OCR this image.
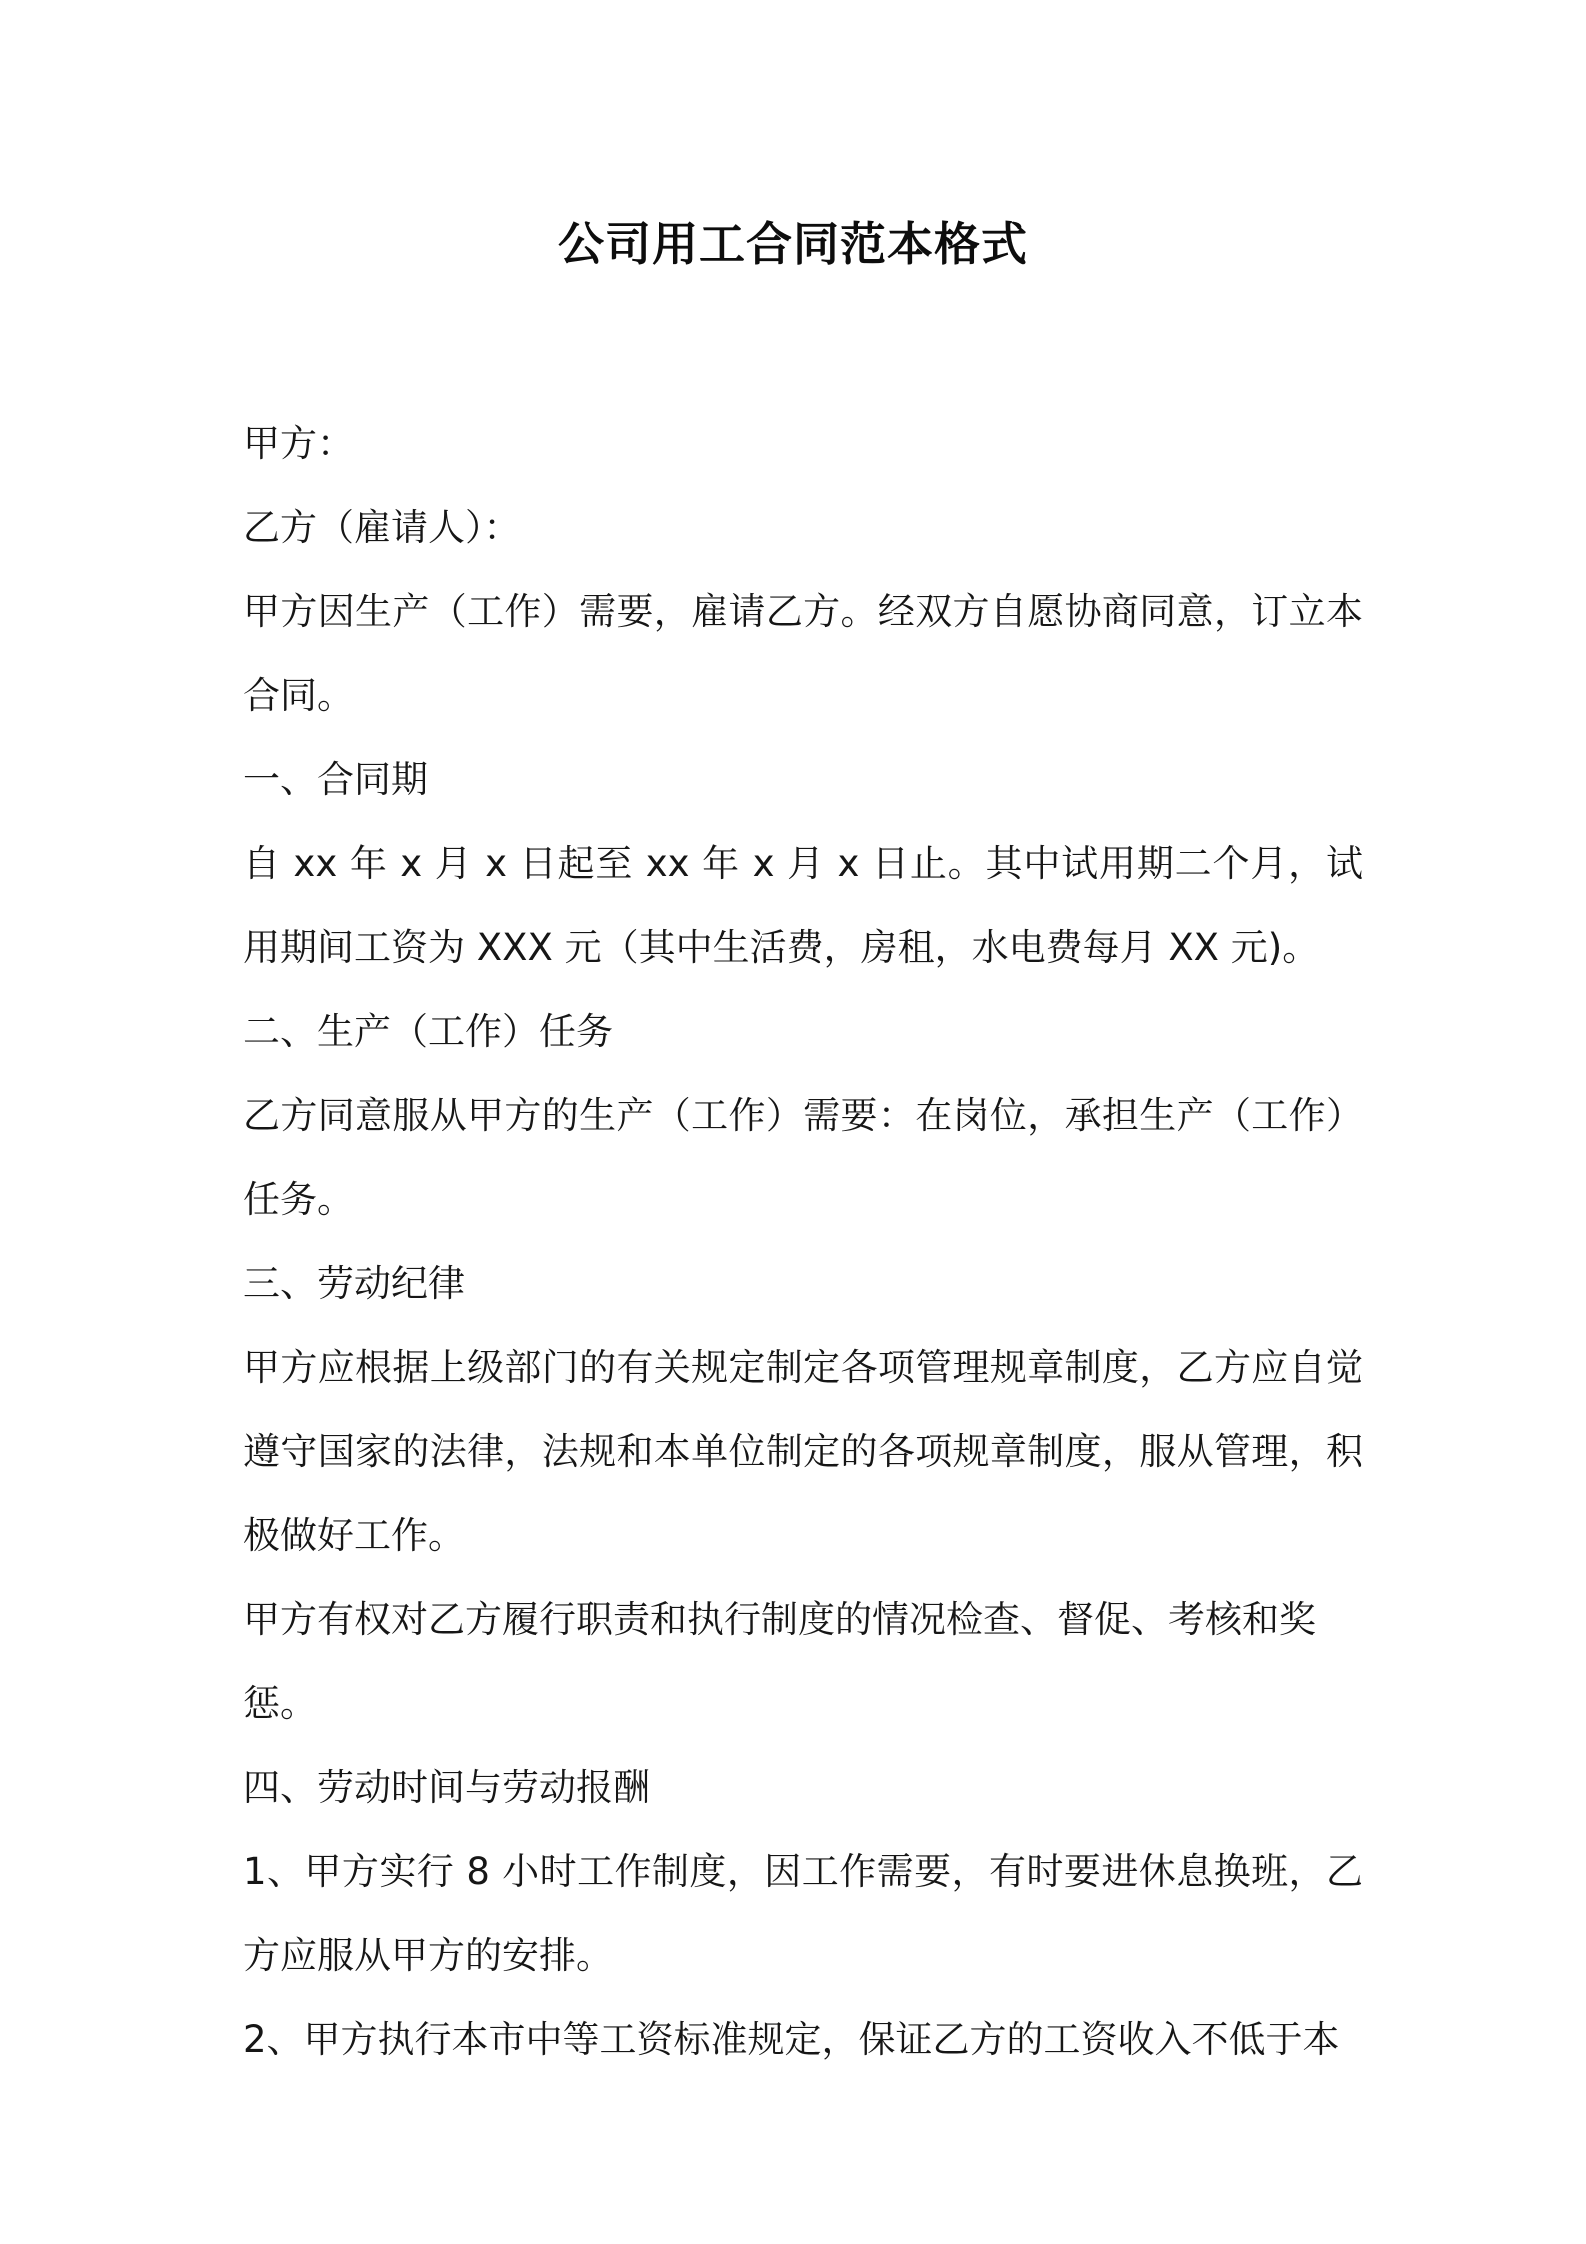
公司用工合同范本格式

甲方：

乙方（雇请人）：

甲方因生产（工作）需要，雇请乙方。经双方自愿协商同意，订立本合同。

一、合同期

自 xx 年 x 月 x 日起至 xx 年 x 月 x 日止。其中试用期二个月，试用期间工资为 XXX 元（其中生活费，房租，水电费每月 XX 元)。

二、生产（工作）任务

乙方同意服从甲方的生产（工作）需要：在岗位，承担生产（工作）任务。

三、劳动纪律

甲方应根据上级部门的有关规定制定各项管理规章制度，乙方应自觉遵守国家的法律，法规和本单位制定的各项规章制度，服从管理，积极做好工作。

甲方有权对乙方履行职责和执行制度的情况检查、督促、考核和奖惩。

四、劳动时间与劳动报酬

1、甲方实行 8 小时工作制度，因工作需要，有时要进休息换班，乙方应服从甲方的安排。

2、甲方执行本市中等工资标准规定，保证乙方的工资收入不低于本
